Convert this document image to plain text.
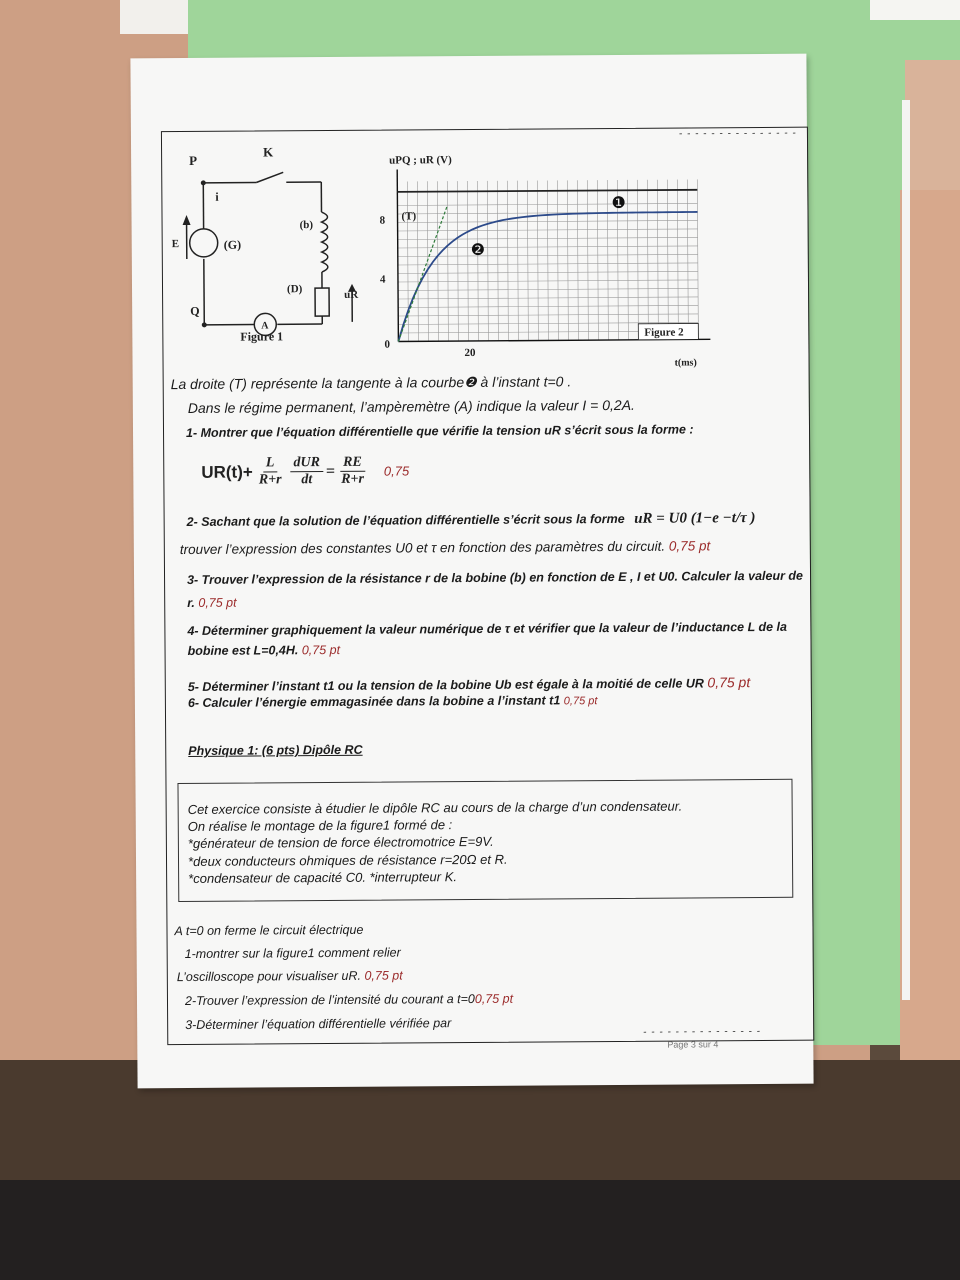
- - - - - - - - - - - - - - -
P
K
i
E	(G)
(b)
(D)	uR
Q
A
Figure 1
uPQ ; uR (V)
t(ms)
8
4
0
20
(T)
❶
❷
Figure 2
La droite (T) représente la tangente à la courbe❷ à l’instant t=0 .
Dans le régime permanent, l’ampèremètre (A) indique la valeur I = 0,2A.
1- Montrer que l’équation différentielle que vérifie la tension uR s’écrit sous la forme :
$UR(t)+ \frac{L}{R+r} \frac{\text{dUR}}{dt} = \frac{RE}{R+r} 0,75$
2- Sachant que la solution de l’équation différentielle s’écrit sous la forme uR = U0 (1−e −t/τ )
trouver l’expression des constantes U0 et τ en fonction des paramètres du circuit. 0,75 pt
3- Trouver l’expression de la résistance r de la bobine (b) en fonction de E , I et U0. Calculer la valeur de
r. 0,75 pt
4- Déterminer graphiquement la valeur numérique de τ et vérifier que la valeur de l’inductance L de la
bobine est L=0,4H. 0,75 pt
5- Déterminer l’instant t1 ou la tension de la bobine Ub est égale à la moitié de celle UR 0,75 pt
6- Calculer l’énergie emmagasinée dans la bobine a l’instant t1 0,75 pt
Physique 1: (6 pts) Dipôle RC
Cet exercice consiste à étudier le dipôle RC au cours de la charge d’un condensateur.
On réalise le montage de la figure1 formé de :
*générateur de tension de force électromotrice E=9V.
*deux conducteurs ohmiques de résistance r=20Ω et R.
*condensateur de capacité C0. *interrupteur K.
A t=0 on ferme le circuit électrique
1-montrer sur la figure1 comment relier
L’oscilloscope pour visualiser uR. 0,75 pt
2-Trouver l’expression de l’intensité du courant a t=00,75 pt
3-Déterminer l’équation différentielle vérifiée par	- - - - - - - - - - - - - - -
Page 3 sur 4
